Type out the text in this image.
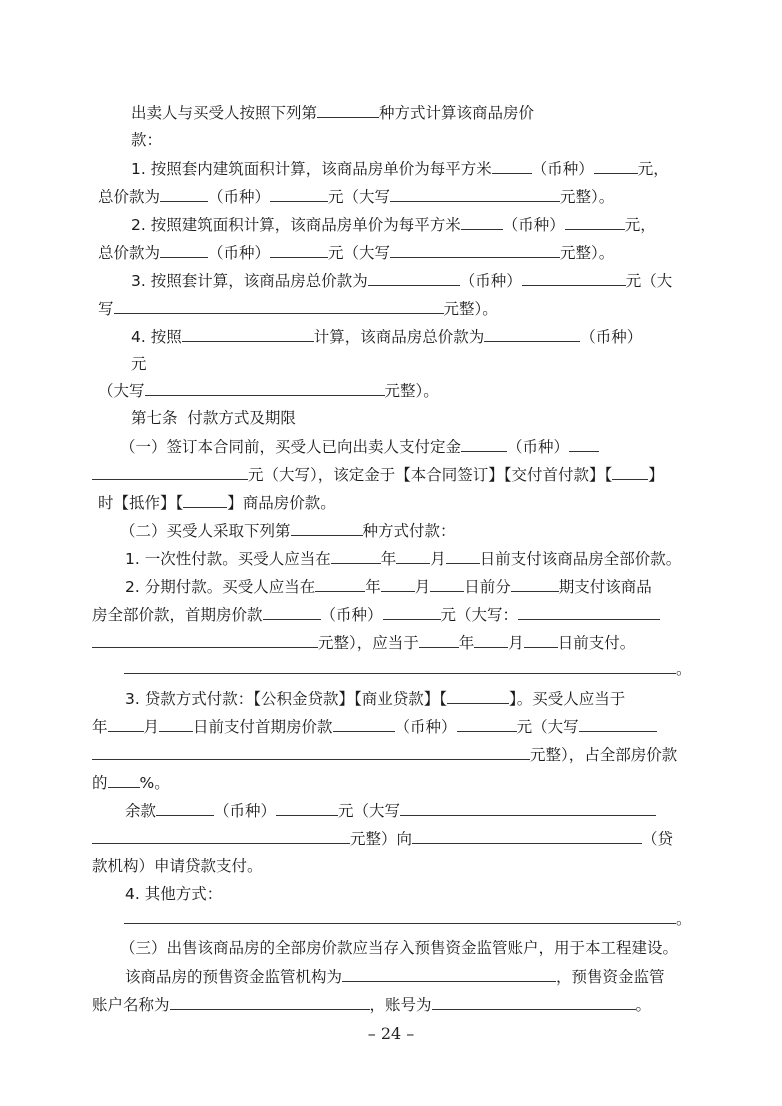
出卖人与买受人按照下列第	种方式计算该商品房价
款：
1. 按照套内建筑面积计算，该商品房单价为每平方米	（币种）	元，
总价款为	（币种）	元（大写	元整）。
2. 按照建筑面积计算，该商品房单价为每平方米	（币种）	元，
总价款为	（币种）	元（大写	元整）。
3. 按照套计算，该商品房总价款为	（币种）	元（大
写	元整）。
4. 按照	计算，该商品房总价款为	（币种）
元
（大写	元整）。
第七条  付款方式及期限
（一）签订本合同前，买受人已向出卖人支付定金	（币种）
元（大写），该定金于【本合同签订】【交付首付款】【 】
时【抵作】【	】商品房价款。
（二）买受人采取下列第	种方式付款：
1. 一次性付款。买受人应当在	年 月 日前支付该商品房全部价款。
2. 分期付款。买受人应当在	年 月 日前分	期支付该商品
房全部价款，首期房价款	（币种）	元（大写：
元整），应当于	年 月 日前支付。
。
3. 贷款方式付款：【公积金贷款】【商业贷款】【	】。买受人应当于
年 月 日前支付首期房价款	（币种）	元（大写
元整），占全部房价款
的 %。
余款	（币种）	元（大写
元整）向	（贷
款机构）申请贷款支付。
4. 其他方式：
。
（三）出售该商品房的全部房价款应当存入预售资金监管账户，用于本工程建设。
该商品房的预售资金监管机构为	，预售资金监管
账户名称为	，账号为	。
– 24 –
